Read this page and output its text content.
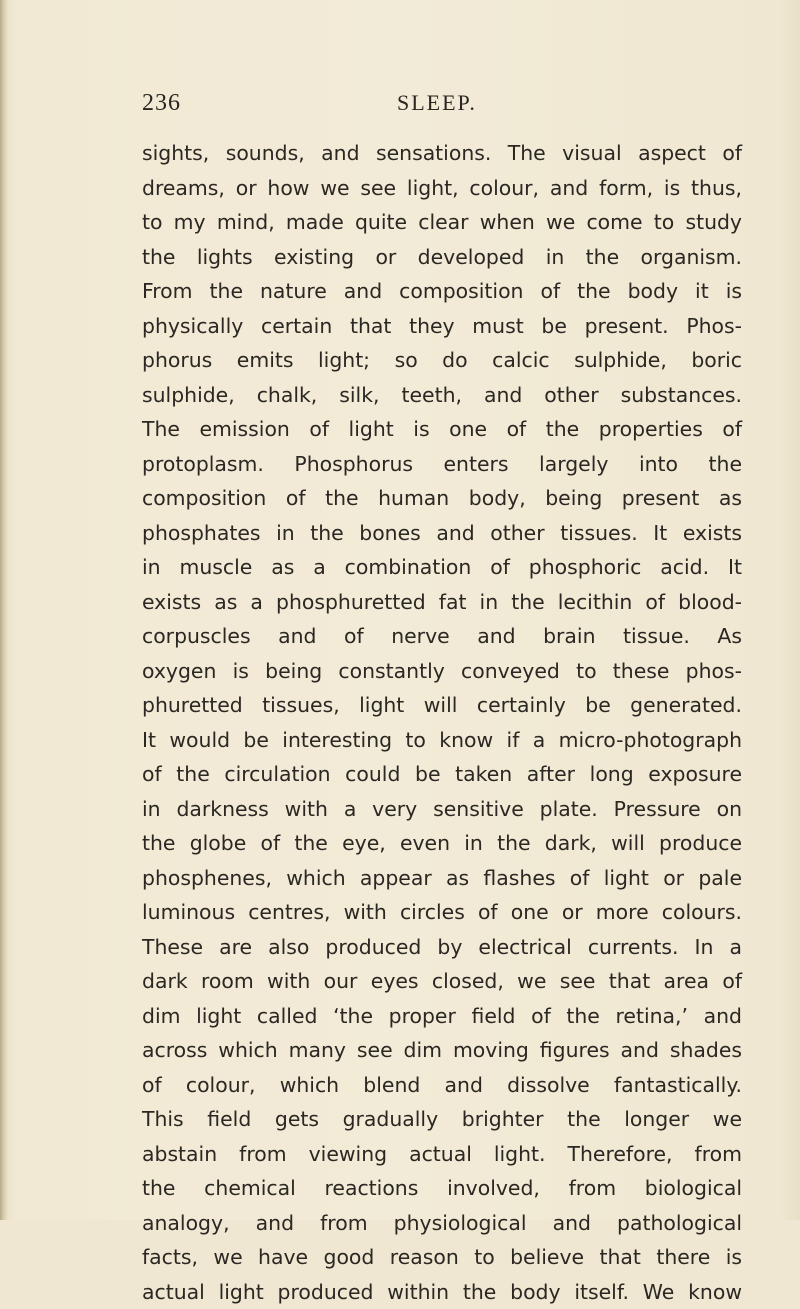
236	SLEEP.
sights, sounds, and sensations. The visual aspect of
dreams, or how we see light, colour, and form, is thus,
to my mind, made quite clear when we come to study
the lights existing or developed in the organism.
From the nature and composition of the body it is
physically certain that they must be present. Phos-
phorus emits light; so do calcic sulphide, boric
sulphide, chalk, silk, teeth, and other substances.
The emission of light is one of the properties of
protoplasm. Phosphorus enters largely into the
composition of the human body, being present as
phosphates in the bones and other tissues. It exists
in muscle as a combination of phosphoric acid. It
exists as a phosphuretted fat in the lecithin of blood-
corpuscles and of nerve and brain tissue. As
oxygen is being constantly conveyed to these phos-
phuretted tissues, light will certainly be generated.
It would be interesting to know if a micro-photograph
of the circulation could be taken after long exposure
in darkness with a very sensitive plate. Pressure on
the globe of the eye, even in the dark, will produce
phosphenes, which appear as flashes of light or pale
luminous centres, with circles of one or more colours.
These are also produced by electrical currents. In a
dark room with our eyes closed, we see that area of
dim light called ‘the proper field of the retina,’ and
across which many see dim moving figures and shades
of colour, which blend and dissolve fantastically.
This field gets gradually brighter the longer we
abstain from viewing actual light. Therefore, from
the chemical reactions involved, from biological
analogy, and from physiological and pathological
facts, we have good reason to believe that there is
actual light produced within the body itself. We know
